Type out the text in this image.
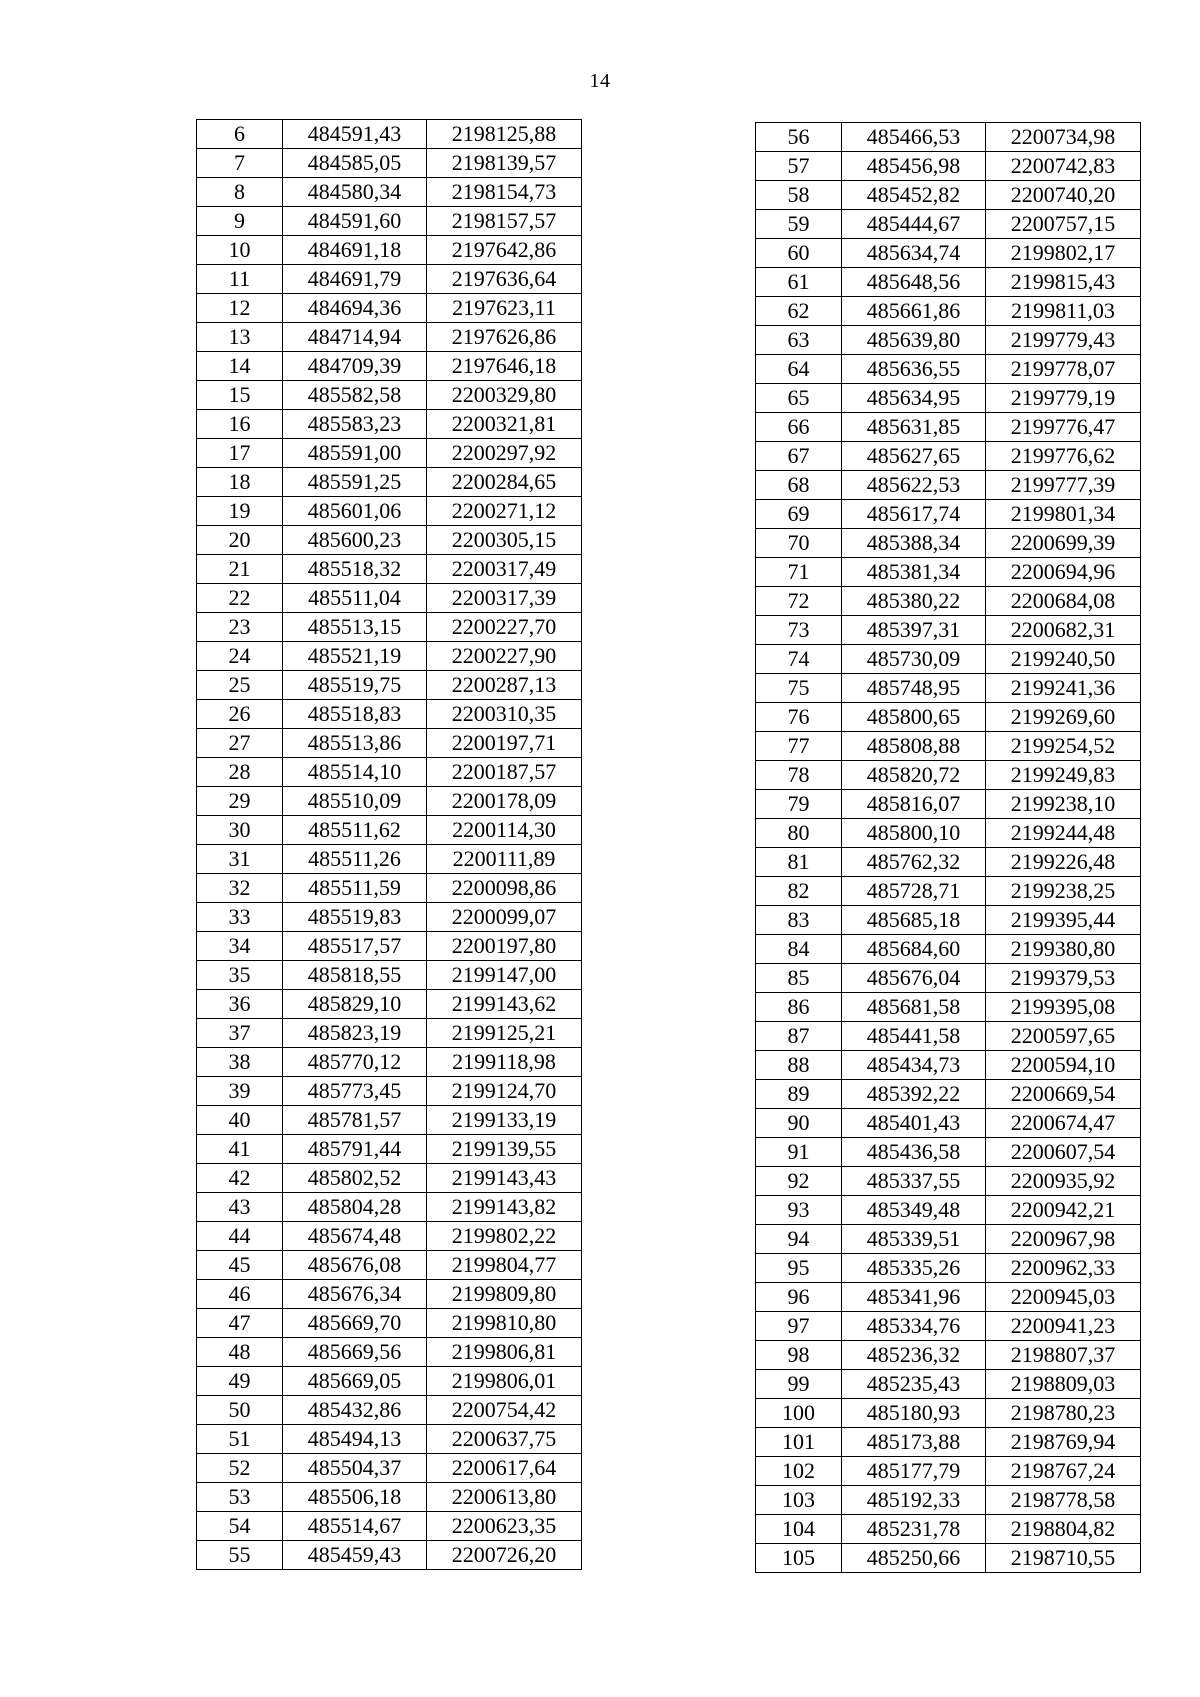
14
6	484591,43	2198125,88
7	484585,05	2198139,57
8	484580,34	2198154,73
9	484591,60	2198157,57
10	484691,18	2197642,86
11	484691,79	2197636,64
12	484694,36	2197623,11
13	484714,94	2197626,86
14	484709,39	2197646,18
15	485582,58	2200329,80
16	485583,23	2200321,81
17	485591,00	2200297,92
18	485591,25	2200284,65
19	485601,06	2200271,12
20	485600,23	2200305,15
21	485518,32	2200317,49
22	485511,04	2200317,39
23	485513,15	2200227,70
24	485521,19	2200227,90
25	485519,75	2200287,13
26	485518,83	2200310,35
27	485513,86	2200197,71
28	485514,10	2200187,57
29	485510,09	2200178,09
30	485511,62	2200114,30
31	485511,26	2200111,89
32	485511,59	2200098,86
33	485519,83	2200099,07
34	485517,57	2200197,80
35	485818,55	2199147,00
36	485829,10	2199143,62
37	485823,19	2199125,21
38	485770,12	2199118,98
39	485773,45	2199124,70
40	485781,57	2199133,19
41	485791,44	2199139,55
42	485802,52	2199143,43
43	485804,28	2199143,82
44	485674,48	2199802,22
45	485676,08	2199804,77
46	485676,34	2199809,80
47	485669,70	2199810,80
48	485669,56	2199806,81
49	485669,05	2199806,01
50	485432,86	2200754,42
51	485494,13	2200637,75
52	485504,37	2200617,64
53	485506,18	2200613,80
54	485514,67	2200623,35
55	485459,43	2200726,20
56	485466,53	2200734,98
57	485456,98	2200742,83
58	485452,82	2200740,20
59	485444,67	2200757,15
60	485634,74	2199802,17
61	485648,56	2199815,43
62	485661,86	2199811,03
63	485639,80	2199779,43
64	485636,55	2199778,07
65	485634,95	2199779,19
66	485631,85	2199776,47
67	485627,65	2199776,62
68	485622,53	2199777,39
69	485617,74	2199801,34
70	485388,34	2200699,39
71	485381,34	2200694,96
72	485380,22	2200684,08
73	485397,31	2200682,31
74	485730,09	2199240,50
75	485748,95	2199241,36
76	485800,65	2199269,60
77	485808,88	2199254,52
78	485820,72	2199249,83
79	485816,07	2199238,10
80	485800,10	2199244,48
81	485762,32	2199226,48
82	485728,71	2199238,25
83	485685,18	2199395,44
84	485684,60	2199380,80
85	485676,04	2199379,53
86	485681,58	2199395,08
87	485441,58	2200597,65
88	485434,73	2200594,10
89	485392,22	2200669,54
90	485401,43	2200674,47
91	485436,58	2200607,54
92	485337,55	2200935,92
93	485349,48	2200942,21
94	485339,51	2200967,98
95	485335,26	2200962,33
96	485341,96	2200945,03
97	485334,76	2200941,23
98	485236,32	2198807,37
99	485235,43	2198809,03
100	485180,93	2198780,23
101	485173,88	2198769,94
102	485177,79	2198767,24
103	485192,33	2198778,58
104	485231,78	2198804,82
105	485250,66	2198710,55
